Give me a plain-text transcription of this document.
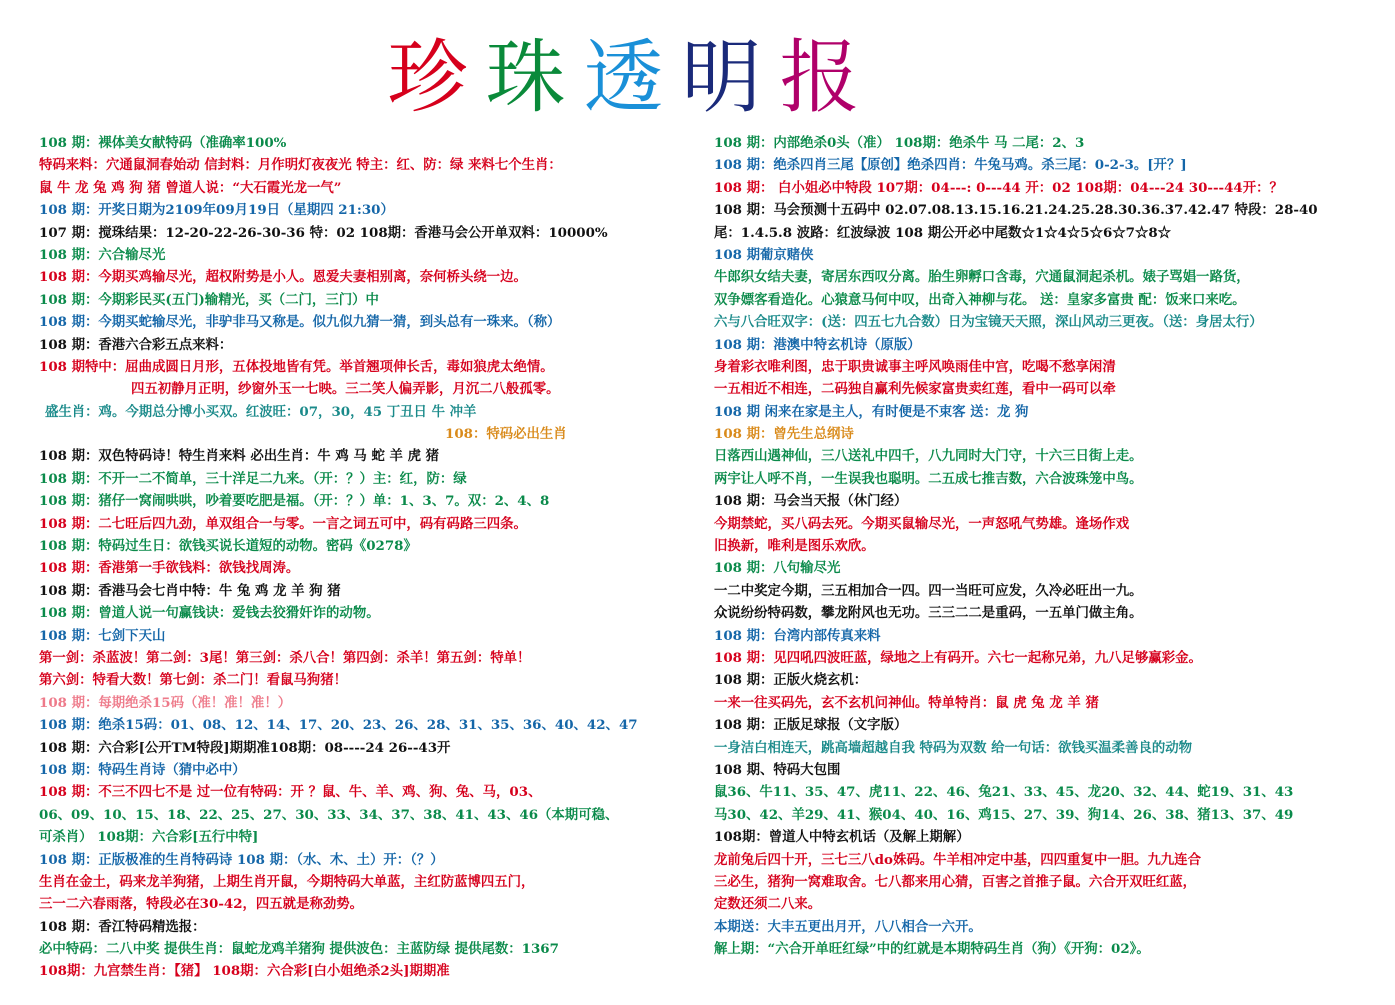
珍珠透明报
108 期：裸体美女献特码（准确率100%
特码来料：穴通鼠洞春始动 信封料：月作明灯夜夜光 特主：红、防：绿 来料七个生肖：
鼠 牛 龙 兔 鸡 狗 猪 曾道人说：“大石霞光龙一气”
108 期：开奖日期为2109年09月19日（星期四 21:30）
107 期：搅珠结果：12-20-22-26-30-36 特：02 108期：香港马会公开单双料：10000%
108 期：六合输尽光
108 期：今期买鸡输尽光，超权附势是小人。恩爱夫妻相别离，奈何桥头绕一边。
108 期：今期彩民买(五门)输精光，买（二门，三门）中
108 期：今期买蛇输尽光，非驴非马又称是。似九似九猜一猜，到头总有一珠来。（称）
108 期：香港六合彩五点来料：
108 期特中：屈曲成圆日月形，五体投地皆有凭。举首翘项伸长舌，毒如狼虎太绝情。
四五初静月正明，纱窗外玉一七映。三二笑人偏弄影，月沉二八般孤零。
盛生肖：鸡。今期总分博小买双。红波旺：07，30，45 丁丑日 牛 冲羊
108：特码必出生肖
108 期：双色特码诗！特生肖来料 必出生肖：牛 鸡 马 蛇 羊 虎 猪
108 期：不开一二不简单，三十洋足二九来。（开：？）主：红，防：绿
108 期：猪仔一窝闹哄哄，吵着要吃肥是福。（开：？）单：1、3、7。双：2、4、8
108 期：二七旺后四九劲，单双组合一与零。一言之词五可中，码有码路三四条。
108 期：特码过生日：欲钱买说长道短的动物。密码《0278》
108 期：香港第一手欲钱料：欲钱找周涛。
108 期：香港马会七肖中特：牛 兔 鸡 龙 羊 狗 猪
108 期：曾道人说一句赢钱诀：爱钱去狡猾奸诈的动物。
108 期：七剑下天山
第一剑：杀蓝波！第二剑：3尾！第三剑：杀八合！第四剑：杀羊！第五剑：特单！
第六剑：特看大数！第七剑：杀二门！看鼠马狗猪！
108 期：每期绝杀15码（准！准！准！）
108 期：绝杀15码：01、08、12、14、17、20、23、26、28、31、35、36、40、42、47
108 期：六合彩[公开TM特段]期期准108期：08----24 26--43开
108 期：特码生肖诗（猜中必中）
108 期：不三不四七不是 过一位有特码：开 ？鼠、牛、羊、鸡、狗、兔、马，03、
06、09、10、15、18、22、25、27、30、33、34、37、38、41、43、46（本期可稳、
可杀肖） 108期：六合彩[五行中特]
108 期：正版极准的生肖特码诗 108 期：（水、木、土）开：（？）
生肖在金土，码来龙羊狗猪，上期生肖开鼠，今期特码大单蓝，主红防蓝博四五门，
三一二六春雨落，特段必在30-42，四五就是称劲势。
108 期：香江特码精选报：
必中特码：二八中奖 提供生肖：鼠蛇龙鸡羊猪狗 提供波色：主蓝防绿 提供尾数：1367
108期：九宫禁生肖：【猪】 108期：六合彩[白小姐绝杀2头]期期准
108 期：内部绝杀0头（准） 108期：绝杀牛 马 二尾：2、3
108 期：绝杀四肖三尾【原创】绝杀四肖：牛兔马鸡。杀三尾：0-2-3。[开？]
108 期： 白小姐必中特段 107期：04---: 0---44 开：02 108期：04---24 30---44开：？
108 期：马会预测十五码中 02.07.08.13.15.16.21.24.25.28.30.36.37.42.47 特段：28-40
尾：1.4.5.8 波路：红波绿波 108 期公开必中尾数☆1☆4☆5☆6☆7☆8☆
108 期葡京赌侠
牛郎织女结夫妻，寄居东西叹分离。胎生卵孵口含毒，穴通鼠洞起杀机。婊子骂娼一路货，
双争嫖客看造化。心猿意马何中叹，出奇入神柳与花。 送：皇家多富贵 配：饭来口来吃。
六与八合旺双字：(送：四五七九合数）日为宝镜天天照，深山风动三更夜。（送：身居太行）
108 期：港澳中特玄机诗（原版）
身着彩衣唯利图，忠于职贵诚事主呼风唤雨佳中宫，吃喝不愁享闲清
一五相近不相连，二码独自赢利先候家富贵卖红莲，看中一码可以牵
108 期 闲来在家是主人，有时便是不束客 送：龙 狗
108 期：曾先生总纲诗
日落西山遇神仙，三八送礼中四千，八九同时大门守，十六三日街上走。
两宇让人呼不肖，一生误我也聪明。二五成七推吉数，六合波珠笼中鸟。
108 期：马会当天报（休门经）
今期禁蛇，买八码去死。今期买鼠输尽光，一声怒吼气势雄。逢场作戏
旧换新，唯利是图乐欢欣。
108 期：八句输尽光
一二中奖定今期，三五相加合一四。四一当旺可应发，久冷必旺出一九。
众说纷纷特码数，攀龙附风也无功。三三二二是重码，一五单门做主角。
108 期：台湾内部传真来料
108 期：见四吼四波旺蓝，绿地之上有码开。六七一起称兄弟，九八足够赢彩金。
108 期：正版火烧玄机：
一来一往买码先，玄不玄机问神仙。特单特肖：鼠 虎 兔 龙 羊 猪
108 期：正版足球报（文字版）
一身洁白相连天，跳高墙超越自我 特码为双数 给一句话：欲钱买温柔善良的动物
108 期、特码大包围
鼠36、牛11、35、47、虎11、22、46、兔21、33、45、龙20、32、44、蛇19、31、43
马30、42、羊29、41、猴04、40、16、鸡15、27、39、狗14、26、38、猪13、37、49
108期：曾道人中特玄机话（及解上期解）
龙前兔后四十开，三七三八do姝码。牛羊相冲定中基，四四重复中一胆。九九连合
三必生，猪狗一窝难取舍。七八都来用心猜，百害之首推子鼠。六合开双旺红蓝，
定数还须二八来。
本期送：大丰五更出月开，八八相合一六开。
解上期：“六合开单旺红绿”中的红就是本期特码生肖（狗）《开狗：02》。
